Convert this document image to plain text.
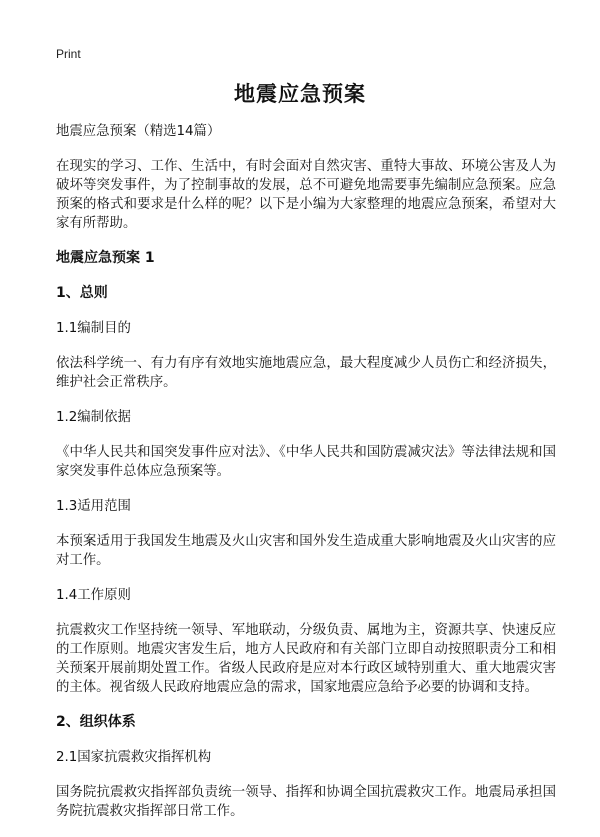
Print
地震应急预案

地震应急预案（精选14篇）

在现实的学习、工作、生活中，有时会面对自然灾害、重特大事故、环境公害及人为破坏等突发事件，为了控制事故的发展，总不可避免地需要事先编制应急预案。应急预案的格式和要求是什么样的呢？以下是小编为大家整理的地震应急预案，希望对大家有所帮助。

地震应急预案 1

1、总则

1.1编制目的

依法科学统一、有力有序有效地实施地震应急，最大程度减少人员伤亡和经济损失，维护社会正常秩序。

1.2编制依据

《中华人民共和国突发事件应对法》、《中华人民共和国防震减灾法》等法律法规和国家突发事件总体应急预案等。

1.3适用范围

本预案适用于我国发生地震及火山灾害和国外发生造成重大影响地震及火山灾害的应对工作。

1.4工作原则

抗震救灾工作坚持统一领导、军地联动，分级负责、属地为主，资源共享、快速反应的工作原则。地震灾害发生后，地方人民政府和有关部门立即自动按照职责分工和相关预案开展前期处置工作。省级人民政府是应对本行政区域特别重大、重大地震灾害的主体。视省级人民政府地震应急的需求，国家地震应急给予必要的协调和支持。

2、组织体系

2.1国家抗震救灾指挥机构

国务院抗震救灾指挥部负责统一领导、指挥和协调全国抗震救灾工作。地震局承担国务院抗震救灾指挥部日常工作。
